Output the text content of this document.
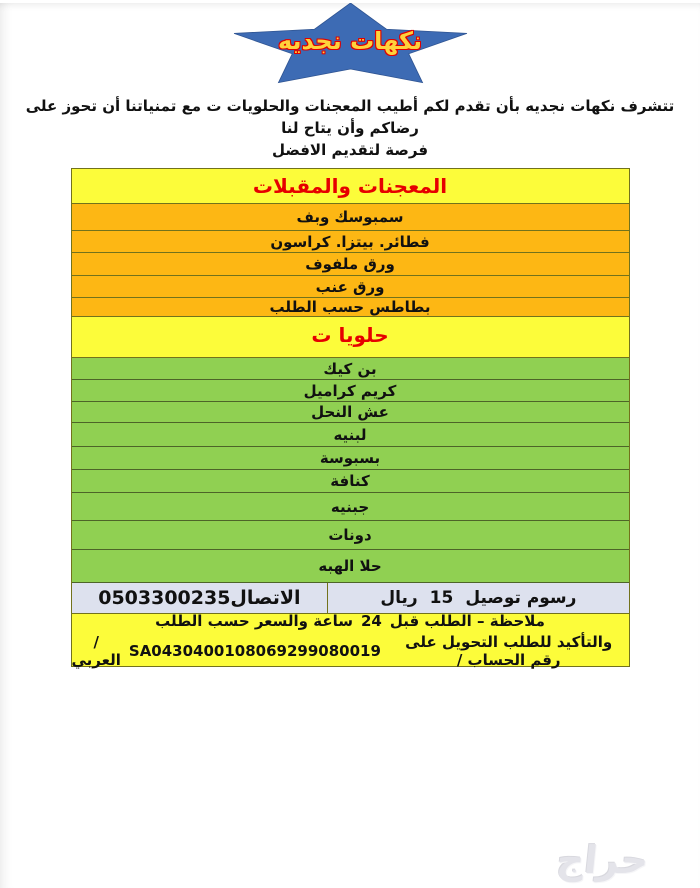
نكهات نجديه
تتشرف نكهات نجديه بأن تقدم لكم أطيب المعجنات والحلويات ت مع تمنياتنا أن تحوز على رضاكم وأن يتاح لنا
فرصة لتقديم الافضل
المعجنات والمقبلات
سمبوسك وبف
فطائر. بيتزا. كراسون
ورق ملفوف
ورق عنب
بطاطس حسب الطلب
حلويا ت
بن كيك
كريم كراميل
عش النحل
لبنيه
بسبوسة
كنافة
جبنيه
دونات
حلا الهبه
رسوم توصيل
15
ريال
الاتصال
0503300235
ملاحظة – الطلب قبل
24
ساعة والسعر حسب الطلب
والتأكيد للطلب التحويل على رقم الحساب /
SA0430400108069299080019
/ العربي
حراج
